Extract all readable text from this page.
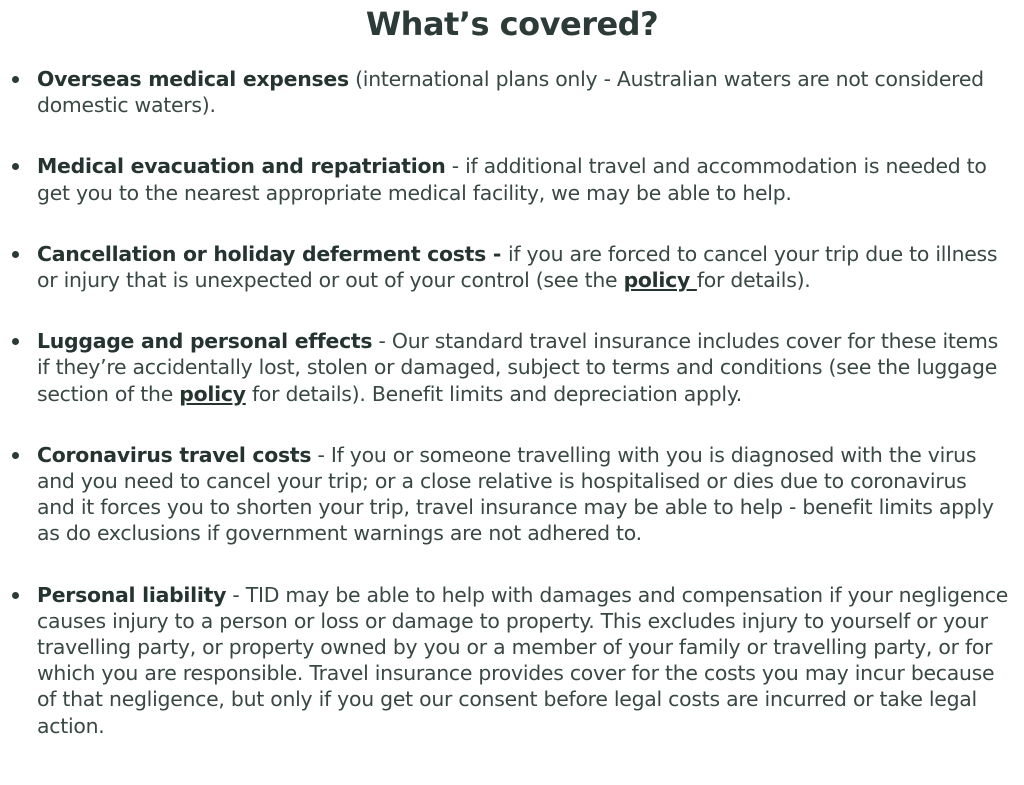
What’s covered?
Overseas medical expenses (international plans only - Australian waters are not considered domestic waters).
Medical evacuation and repatriation - if additional travel and accommodation is needed to get you to the nearest appropriate medical facility, we may be able to help.
Cancellation or holiday deferment costs - if you are forced to cancel your trip due to illness or injury that is unexpected or out of your control (see the policy for details).
Luggage and personal effects - Our standard travel insurance includes cover for these items if they’re accidentally lost, stolen or damaged, subject to terms and conditions (see the luggage section of the policy for details). Benefit limits and depreciation apply.
Coronavirus travel costs - If you or someone travelling with you is diagnosed with the virus and you need to cancel your trip; or a close relative is hospitalised or dies due to coronavirus and it forces you to shorten your trip, travel insurance may be able to help - benefit limits apply as do exclusions if government warnings are not adhered to.
Personal liability - TID may be able to help with damages and compensation if your negligence causes injury to a person or loss or damage to property. This excludes injury to yourself or your travelling party, or property owned by you or a member of your family or travelling party, or for which you are responsible. Travel insurance provides cover for the costs you may incur because of that negligence, but only if you get our consent before legal costs are incurred or take legal action.
